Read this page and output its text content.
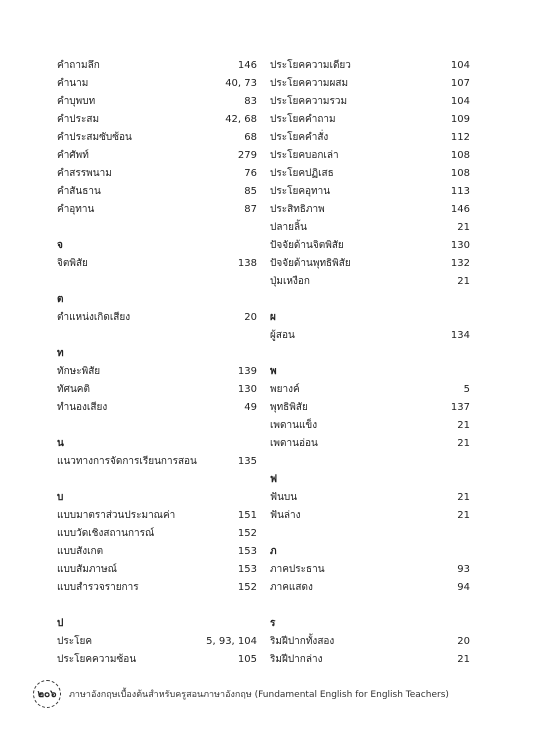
คำถามลึก	146
คำนาม	40, 73
คำบุพบท	83
คำประสม	42, 68
คำประสมซับซ้อน	68
คำศัพท์	279
คำสรรพนาม	76
คำสันธาน	85
คำอุทาน	87
จ
จิตพิสัย	138
ต
ตำแหน่งเกิดเสียง	20
ท
ทักษะพิสัย	139
ทัศนคติ	130
ทำนองเสียง	49
น
แนวทางการจัดการเรียนการสอน	135
บ
แบบมาตราส่วนประมาณค่า	151
แบบวัดเชิงสถานการณ์	152
แบบสังเกต	153
แบบสัมภาษณ์	153
แบบสำรวจรายการ	152
ป
ประโยค	5, 93, 104
ประโยคความซ้อน	105
ประโยคความเดียว	104
ประโยคความผสม	107
ประโยคความรวม	104
ประโยคคำถาม	109
ประโยคคำสั่ง	112
ประโยคบอกเล่า	108
ประโยคปฏิเสธ	108
ประโยคอุทาน	113
ประสิทธิภาพ	146
ปลายลิ้น	21
ปัจจัยด้านจิตพิสัย	130
ปัจจัยด้านพุทธิพิสัย	132
ปุ่มเหงือก	21
ผ
ผู้สอน	134
พ
พยางค์	5
พุทธิพิสัย	137
เพดานแข็ง	21
เพดานอ่อน	21
ฟ
ฟันบน	21
ฟันล่าง	21
ภ
ภาคประธาน	93
ภาคแสดง	94
ร
ริมฝีปากทั้งสอง	20
ริมฝีปากล่าง	21
๒๐๖ ภาษาอังกฤษเบื้องต้นสำหรับครูสอนภาษาอังกฤษ (Fundamental English for English Teachers)
